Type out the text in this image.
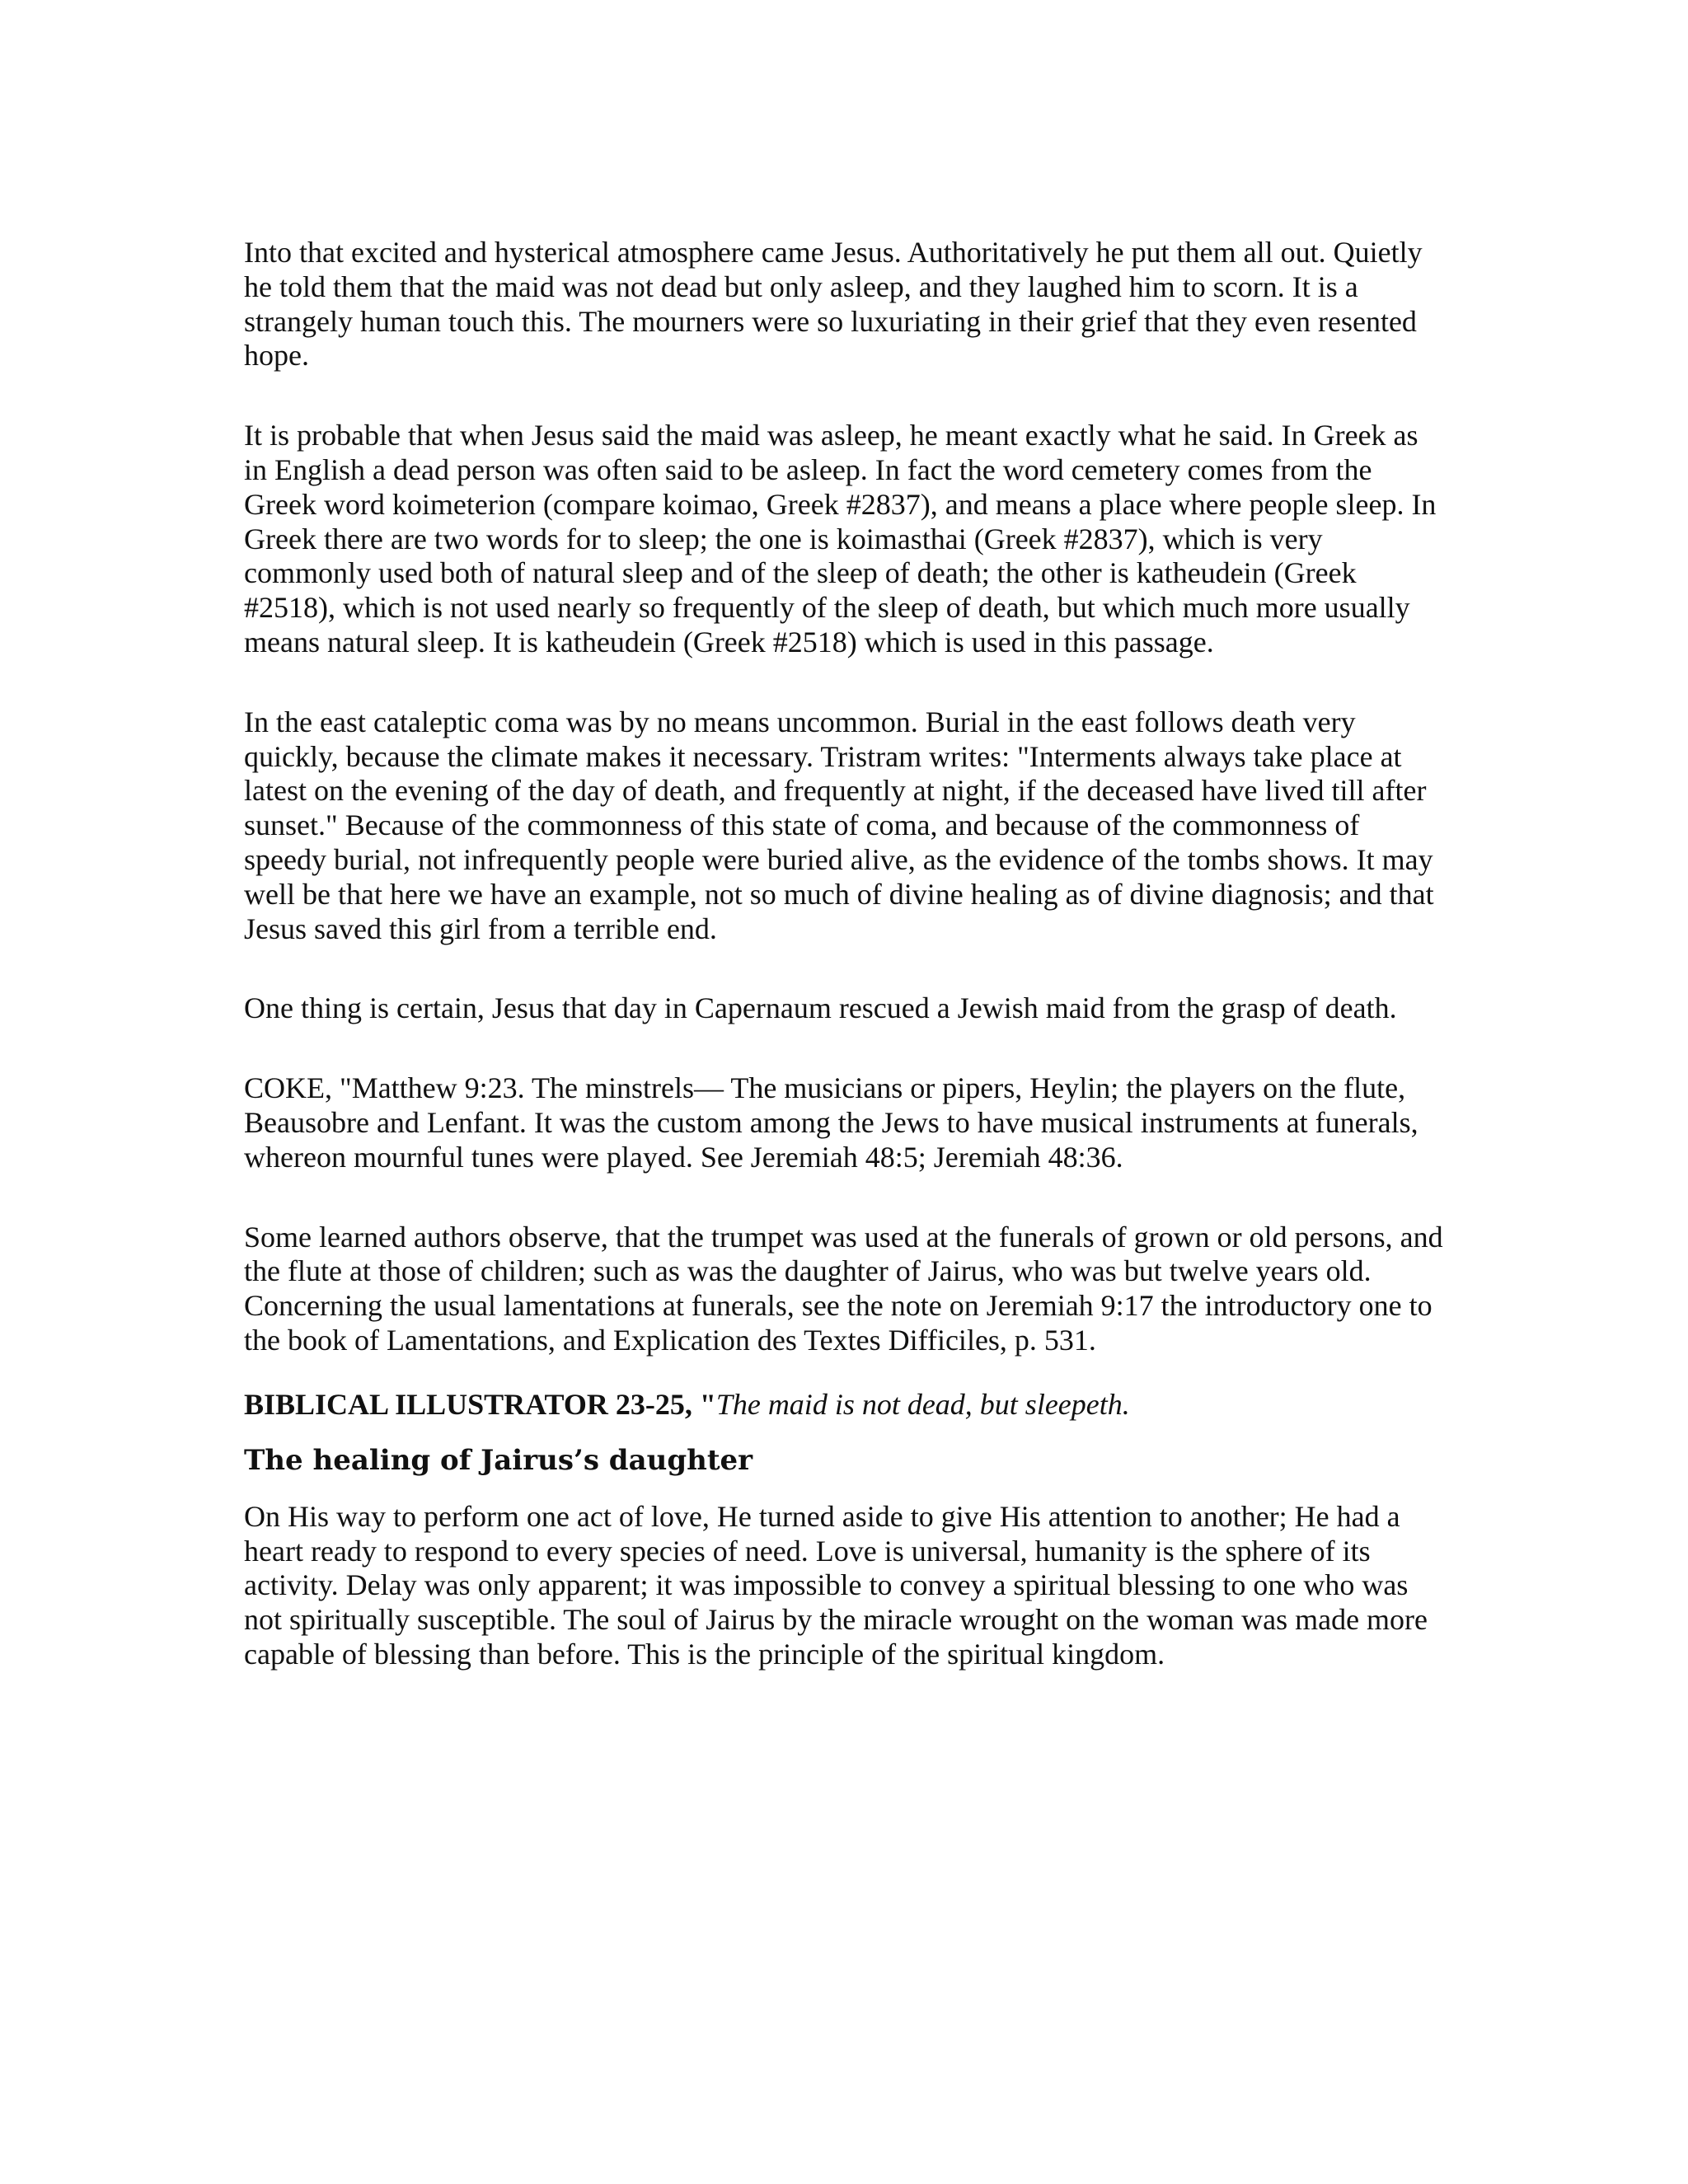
Into that excited and hysterical atmosphere came Jesus. Authoritatively he put them all out. Quietly he told them that the maid was not dead but only asleep, and they laughed him to scorn. It is a strangely human touch this. The mourners were so luxuriating in their grief that they even resented hope.

It is probable that when Jesus said the maid was asleep, he meant exactly what he said. In Greek as in English a dead person was often said to be asleep. In fact the word cemetery comes from the Greek word koimeterion (compare koimao, Greek #2837), and means a place where people sleep. In Greek there are two words for to sleep; the one is koimasthai (Greek #2837), which is very commonly used both of natural sleep and of the sleep of death; the other is katheudein (Greek #2518), which is not used nearly so frequently of the sleep of death, but which much more usually means natural sleep. It is katheudein (Greek #2518) which is used in this passage.

In the east cataleptic coma was by no means uncommon. Burial in the east follows death very quickly, because the climate makes it necessary. Tristram writes: "Interments always take place at latest on the evening of the day of death, and frequently at night, if the deceased have lived till after sunset." Because of the commonness of this state of coma, and because of the commonness of speedy burial, not infrequently people were buried alive, as the evidence of the tombs shows. It may well be that here we have an example, not so much of divine healing as of divine diagnosis; and that Jesus saved this girl from a terrible end.

One thing is certain, Jesus that day in Capernaum rescued a Jewish maid from the grasp of death.

COKE, "Matthew 9:23. The minstrels— The musicians or pipers, Heylin; the players on the flute, Beausobre and Lenfant. It was the custom among the Jews to have musical instruments at funerals, whereon mournful tunes were played. See Jeremiah 48:5; Jeremiah 48:36.

Some learned authors observe, that the trumpet was used at the funerals of grown or old persons, and the flute at those of children; such as was the daughter of Jairus, who was but twelve years old. Concerning the usual lamentations at funerals, see the note on Jeremiah 9:17 the introductory one to the book of Lamentations, and Explication des Textes Difficiles, p. 531.

BIBLICAL ILLUSTRATOR 23-25, "The maid is not dead, but sleepeth.

The healing of Jairus’s daughter

On His way to perform one act of love, He turned aside to give His attention to another; He had a heart ready to respond to every species of need. Love is universal, humanity is the sphere of its activity. Delay was only apparent; it was impossible to convey a spiritual blessing to one who was not spiritually susceptible. The soul of Jairus by the miracle wrought on the woman was made more capable of blessing than before. This is the principle of the spiritual kingdom.
